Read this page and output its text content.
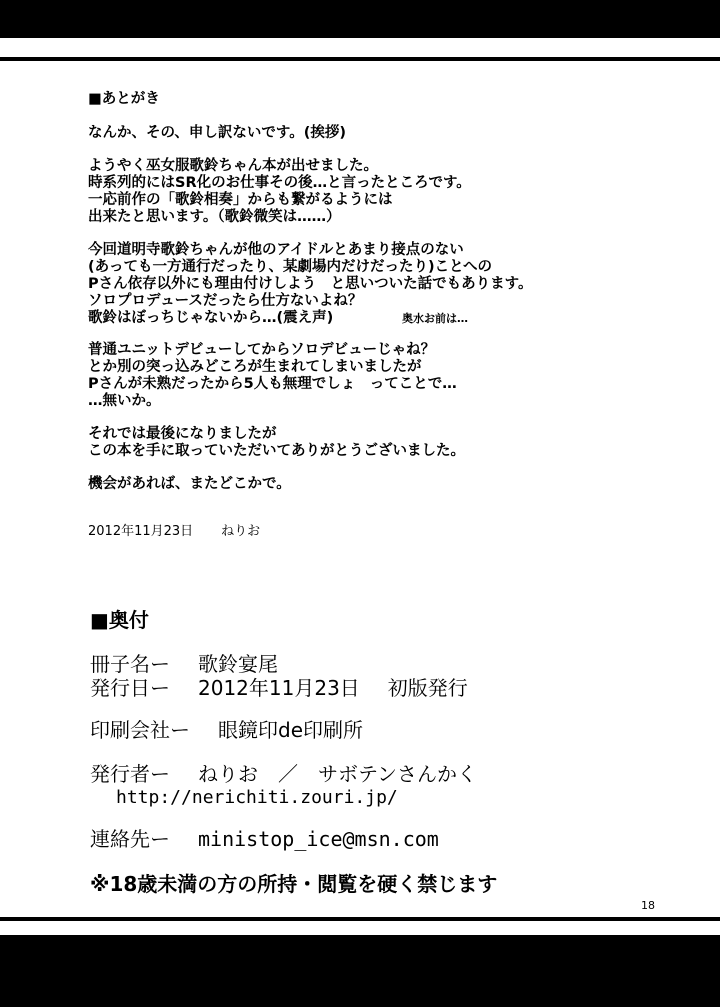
■あとがき
なんか、その、申し訳ないです。(挨拶)
ようやく巫女服歌鈴ちゃん本が出せました。
時系列的にはSR化のお仕事その後…と言ったところです。
一応前作の「歌鈴相奏」からも繋がるようには
出来たと思います。（歌鈴微笑は……）
今回道明寺歌鈴ちゃんが他のアイドルとあまり接点のない
(あっても一方通行だったり、某劇場内だけだったり)ことへの
Pさん依存以外にも理由付けしよう　と思いついた話でもあります。
ソロプロデュースだったら仕方ないよね？
歌鈴はぼっちじゃないから…(震え声)	奥水お前は…
普通ユニットデビューしてからソロデビューじゃね？
とか別の突っ込みどころが生まれてしまいましたが
Pさんが未熟だったから5人も無理でしょ　ってことで…
…無いか。
それでは最後になりましたが
この本を手に取っていただいてありがとうございました。
機会があれば、またどこかで。
2012年11月23日 ねりお
■奥付
冊子名ー 歌鈴宴尾
発行日ー 2012年11月23日 初版発行
印刷会社ー 眼鏡印de印刷所
発行者ー ねりお　／　サボテンさんかく
http://nerichiti.zouri.jp/
連絡先ー ministop_ice@msn.com
※18歳未満の方の所持・閲覧を硬く禁じます
18
